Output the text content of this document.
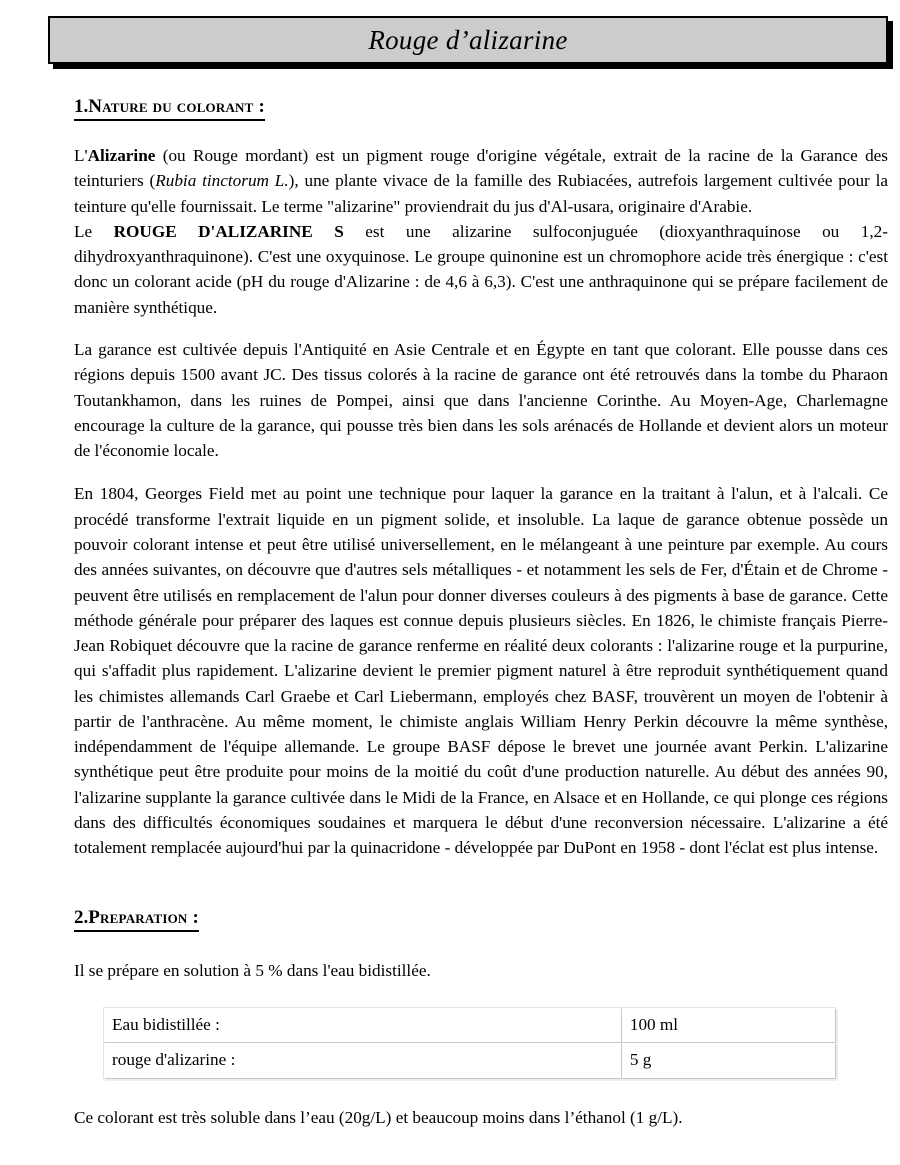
Rouge d’alizarine
1.Nature du colorant :

L'Alizarine (ou Rouge mordant) est un pigment rouge d'origine végétale, extrait de la racine de la Garance des teinturiers (Rubia tinctorum L.), une plante vivace de la famille des Rubiacées, autrefois largement cultivée pour la teinture qu'elle fournissait. Le terme "alizarine" proviendrait du jus d'Al-usara, originaire d'Arabie.

Le ROUGE D'ALIZARINE S est une alizarine sulfoconjuguée (dioxyanthraquinose ou 1,2-dihydroxyanthraquinone). C'est une oxyquinose. Le groupe quinonine est un chromophore acide très énergique : c'est donc un colorant acide (pH du rouge d'Alizarine : de 4,6 à 6,3). C'est une anthraquinone qui se prépare facilement de manière synthétique.

La garance est cultivée depuis l'Antiquité en Asie Centrale et en Égypte en tant que colorant. Elle pousse dans ces régions depuis 1500 avant JC. Des tissus colorés à la racine de garance ont été retrouvés dans la tombe du Pharaon Toutankhamon, dans les ruines de Pompei, ainsi que dans l'ancienne Corinthe. Au Moyen-Age, Charlemagne encourage la culture de la garance, qui pousse très bien dans les sols arénacés de Hollande et devient alors un moteur de l'économie locale.

En 1804, Georges Field met au point une technique pour laquer la garance en la traitant à l'alun, et à l'alcali. Ce procédé transforme l'extrait liquide en un pigment solide, et insoluble. La laque de garance obtenue possède un pouvoir colorant intense et peut être utilisé universellement, en le mélangeant à une peinture par exemple. Au cours des années suivantes, on découvre que d'autres sels métalliques - et notamment les sels de Fer, d'Étain et de Chrome - peuvent être utilisés en remplacement de l'alun pour donner diverses couleurs à des pigments à base de garance. Cette méthode générale pour préparer des laques est connue depuis plusieurs siècles. En 1826, le chimiste français Pierre-Jean Robiquet découvre que la racine de garance renferme en réalité deux colorants : l'alizarine rouge et la purpurine, qui s'affadit plus rapidement. L'alizarine devient le premier pigment naturel à être reproduit synthétiquement quand les chimistes allemands Carl Graebe et Carl Liebermann, employés chez BASF, trouvèrent un moyen de l'obtenir à partir de l'anthracène. Au même moment, le chimiste anglais William Henry Perkin découvre la même synthèse, indépendamment de l'équipe allemande. Le groupe BASF dépose le brevet une journée avant Perkin. L'alizarine synthétique peut être produite pour moins de la moitié du coût d'une production naturelle. Au début des années 90, l'alizarine supplante la garance cultivée dans le Midi de la France, en Alsace et en Hollande, ce qui plonge ces régions dans des difficultés économiques soudaines et marquera le début d'une reconversion nécessaire. L'alizarine a été totalement remplacée aujourd'hui par la quinacridone - développée par DuPont en 1958 - dont l'éclat est plus intense.

2.Preparation :

Il se prépare en solution à 5 % dans l'eau bidistillée.

Eau bidistillée :	100 ml
rouge d'alizarine :	5 g

Ce colorant est très soluble dans l’eau (20g/L) et beaucoup moins dans l’éthanol (1 g/L).
